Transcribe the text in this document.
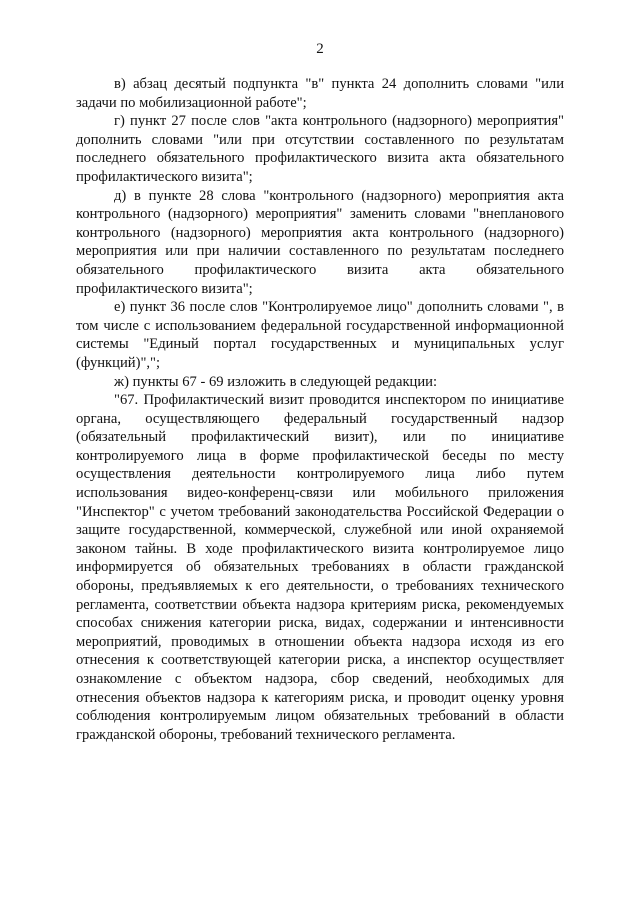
2

в) абзац десятый подпункта "в" пункта 24 дополнить словами "или задачи по мобилизационной работе";

г) пункт 27 после слов "акта контрольного (надзорного) мероприятия" дополнить словами "или при отсутствии составленного по результатам последнего обязательного профилактического визита акта обязательного профилактического визита";

д) в пункте 28 слова "контрольного (надзорного) мероприятия акта контрольного (надзорного) мероприятия" заменить словами "внепланового контрольного (надзорного) мероприятия акта контрольного (надзорного) мероприятия или при наличии составленного по результатам последнего обязательного профилактического визита акта обязательного профилактического визита";

е) пункт 36 после слов "Контролируемое лицо" дополнить словами ", в том числе с использованием федеральной государственной информационной системы "Единый портал государственных и муниципальных услуг (функций)",";

ж) пункты 67 - 69 изложить в следующей редакции:

"67. Профилактический визит проводится инспектором по инициативе органа, осуществляющего федеральный государственный надзор (обязательный профилактический визит), или по инициативе контролируемого лица в форме профилактической беседы по месту осуществления деятельности контролируемого лица либо путем использования видео-конференц-связи или мобильного приложения "Инспектор" с учетом требований законодательства Российской Федерации о защите государственной, коммерческой, служебной или иной охраняемой законом тайны. В ходе профилактического визита контролируемое лицо информируется об обязательных требованиях в области гражданской обороны, предъявляемых к его деятельности, о требованиях технического регламента, соответствии объекта надзора критериям риска, рекомендуемых способах снижения категории риска, видах, содержании и интенсивности мероприятий, проводимых в отношении объекта надзора исходя из его отнесения к соответствующей категории риска, а инспектор осуществляет ознакомление с объектом надзора, сбор сведений, необходимых для отнесения объектов надзора к категориям риска, и проводит оценку уровня соблюдения контролируемым лицом обязательных требований в области гражданской обороны, требований технического регламента.
